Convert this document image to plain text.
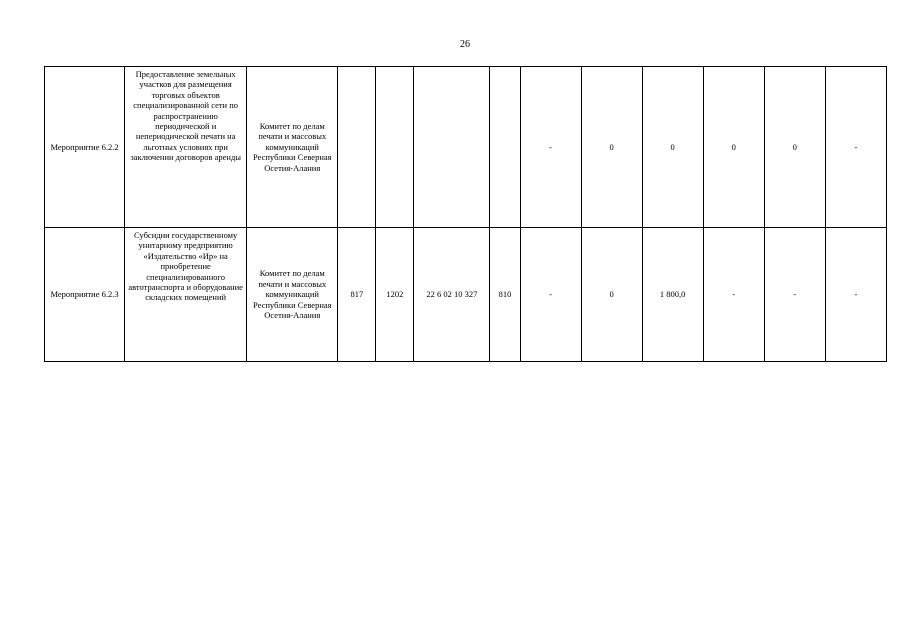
26
Мероприятие 6.2.2	Предоставление земельных участков для размещения торговых объектов специализированной сети по распространению периодической и непериодической печати на льготных условиях при заключении договоров аренды	Комитет по делам печати и массовых коммуникаций Республики Северная Осетия-Алания					-	0	0	0	0	-
Мероприятие 6.2.3	Субсидии государственному унитарному предприятию «Издательство «Ир» на приобретение специализированного автотранспорта и оборудование складских помещений	Комитет по делам печати и массовых коммуникаций Республики Северная Осетия-Алания	817	1202	22 6 02 10 327	810	-	0	1 800,0	-	-	-
